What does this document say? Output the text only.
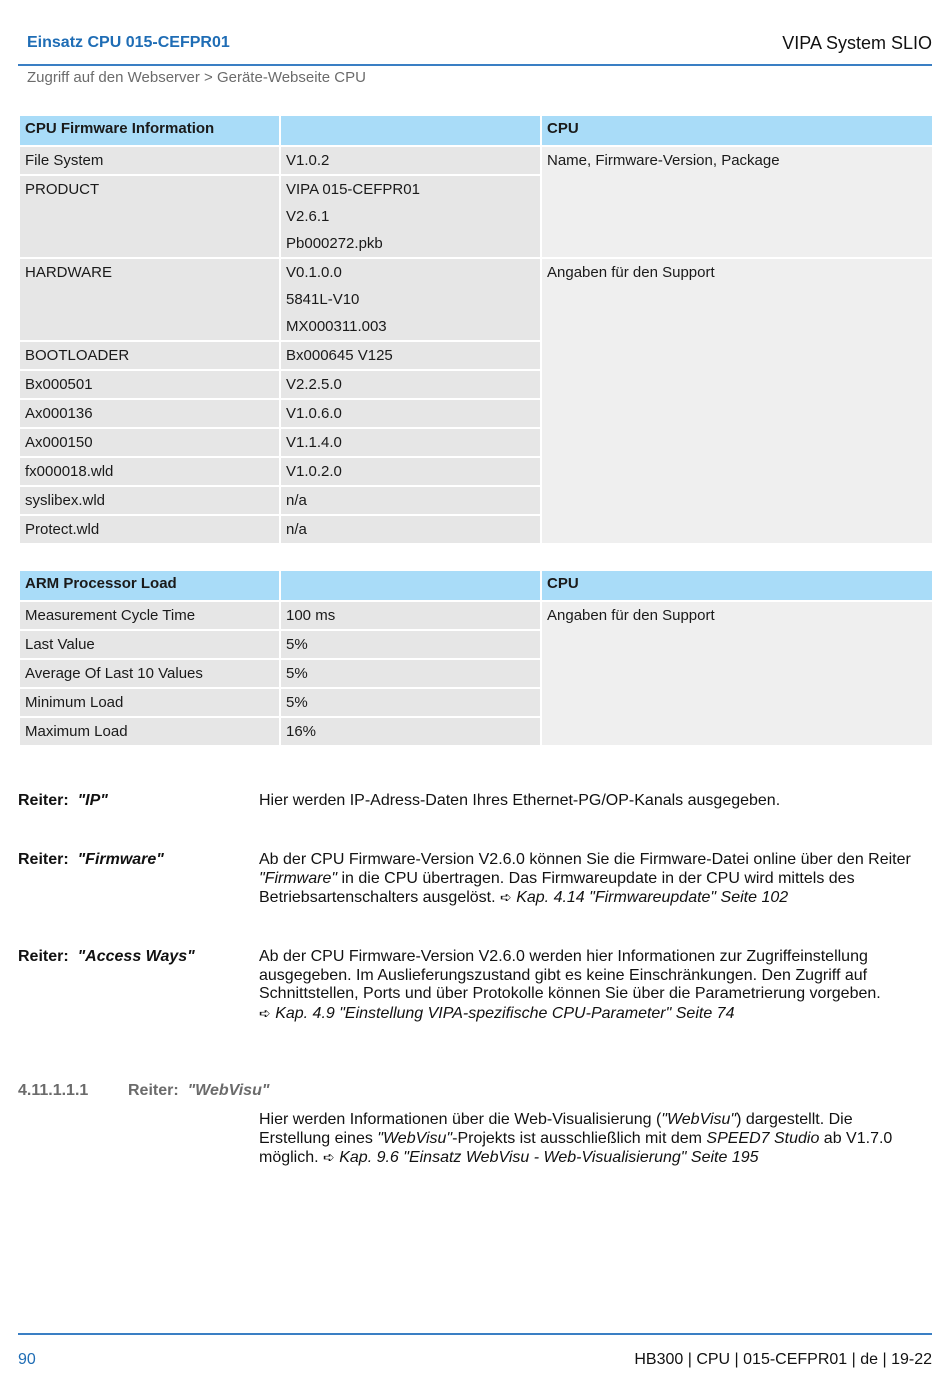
Einsatz CPU 015-CEFPR01	VIPA System SLIO
Zugriff auf den Webserver > Geräte-Webseite CPU
CPU Firmware Information		CPU
File System	V1.0.2	Name, Firmware-Version, Package
PRODUCT	VIPA 015-CEFPR01
V2.6.1
Pb000272.pkb	

HARDWARE	V0.1.0.0
5841L-V10
MX000311.003	Angaben für den Support
BOOTLOADER	Bx000645 V125	
Bx000501	V2.2.5.0	
Ax000136	V1.0.6.0	
Ax000150	V1.1.4.0	
fx000018.wld	V1.0.2.0	
syslibex.wld	n/a	
Protect.wld	n/a	
ARM Processor Load		CPU
Measurement Cycle Time	100 ms	Angaben für den Support
Last Value	5%	
Average Of Last 10 Values	5%	
Minimum Load	5%	
Maximum Load	16%	
Reiter: "IP"	Hier werden IP-Adress-Daten Ihres Ethernet-PG/OP-Kanals ausgegeben.
Reiter: "Firmware"	Ab der CPU Firmware-Version V2.6.0 können Sie die Firmware-Datei online über den Reiter "Firmware" in die CPU übertragen. Das Firmwareupdate in der CPU wird mittels des Betriebsartenschalters ausgelöst. ➪ Kap. 4.14 "Firmwareupdate" Seite 102
Reiter: "Access Ways"	Ab der CPU Firmware-Version V2.6.0 werden hier Informationen zur Zugriffeinstellung ausgegeben. Im Auslieferungszustand gibt es keine Einschränkungen. Den Zugriff auf Schnittstellen, Ports und über Protokolle können Sie über die Parametrierung vorgeben.
➪ Kap. 4.9 "Einstellung VIPA-spezifische CPU-Parameter" Seite 74
4.11.1.1.1 Reiter: "WebVisu"
Hier werden Informationen über die Web-Visualisierung ("WebVisu") dargestellt. Die Erstellung eines "WebVisu"-Projekts ist ausschließlich mit dem SPEED7 Studio ab V1.7.0 möglich. ➪ Kap. 9.6 "Einsatz WebVisu - Web-Visualisierung" Seite 195
90	HB300 | CPU | 015-CEFPR01 | de | 19-22
